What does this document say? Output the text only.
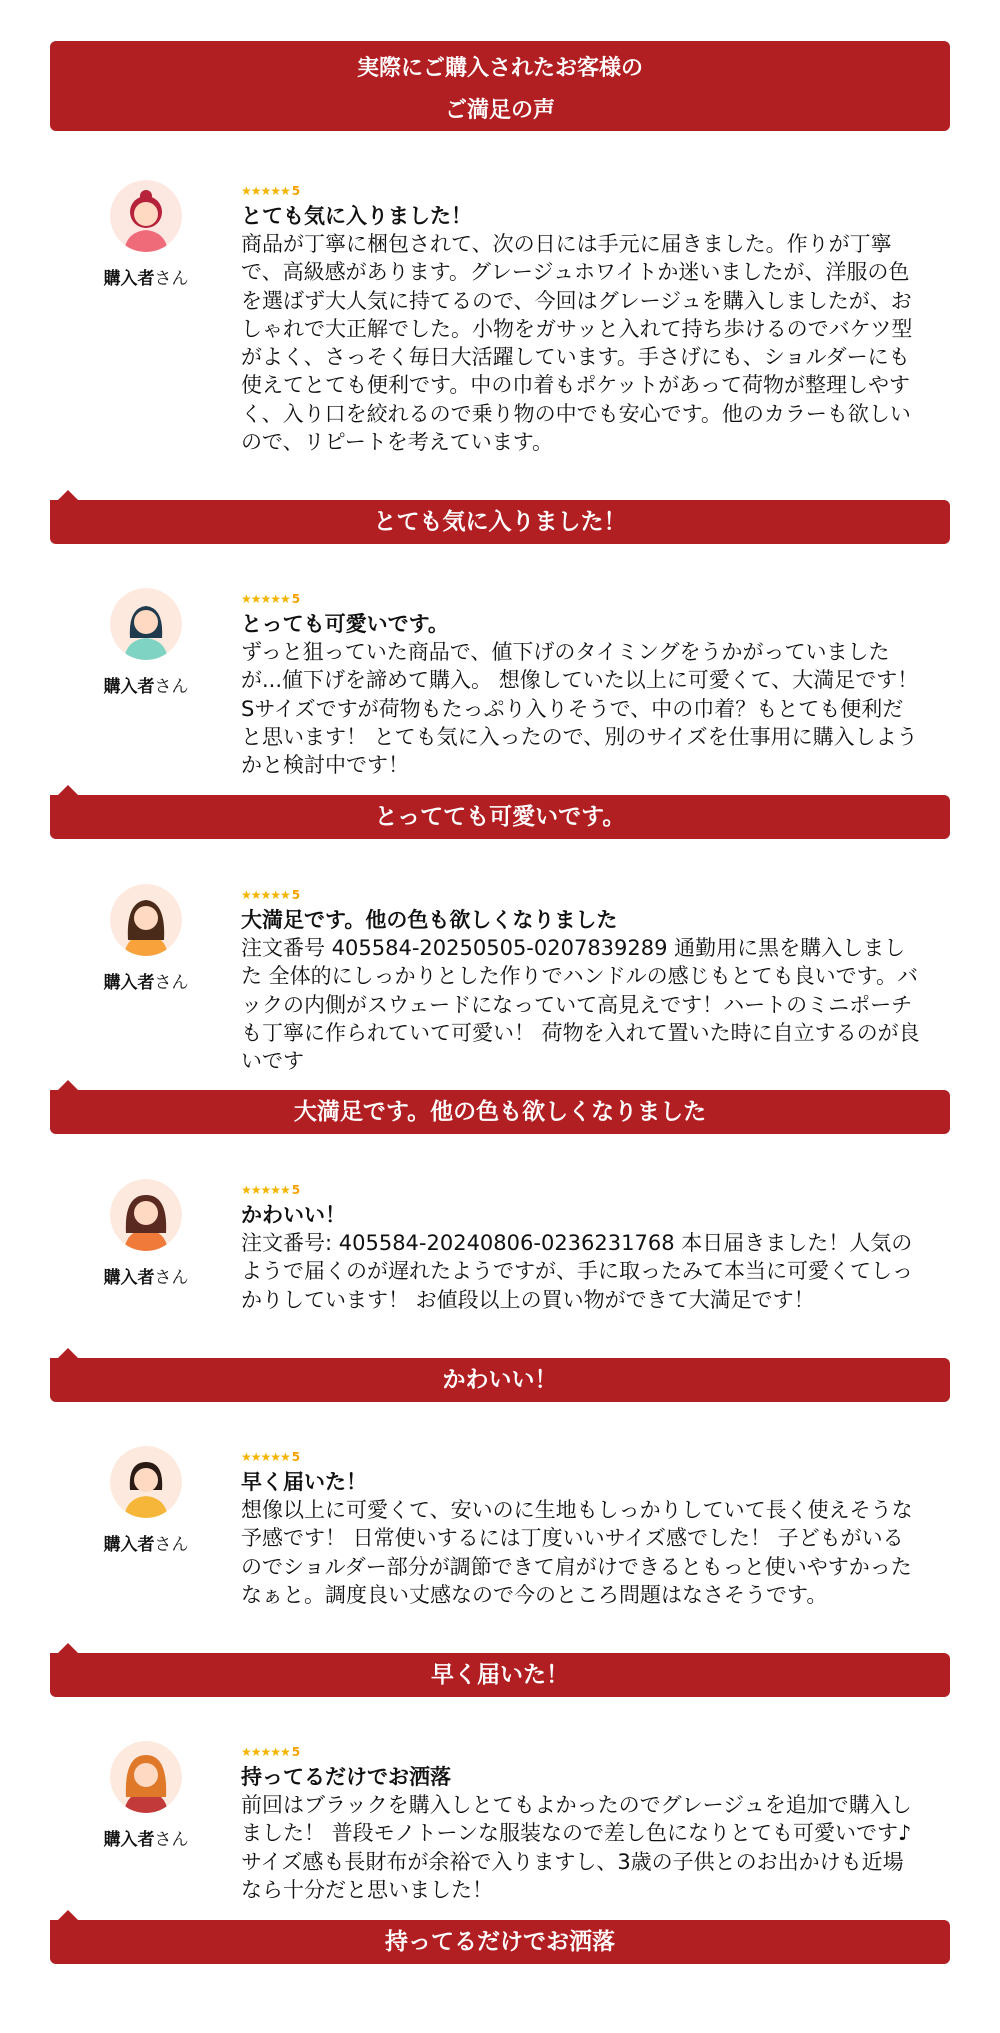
実際にご購入されたお客様の
ご満足の声
購入者さん
★★★★★ 5
とても気に入りました！
商品が丁寧に梱包されて、次の日には手元に届きました。作りが丁寧で、高級感があります。グレージュホワイトか迷いましたが、洋服の色を選ばず大人気に持てるので、今回はグレージュを購入しましたが、おしゃれで大正解でした。小物をガサッと入れて持ち歩けるのでバケツ型がよく、さっそく毎日大活躍しています。手さげにも、ショルダーにも使えてとても便利です。中の巾着もポケットがあって荷物が整理しやすく、入り口を絞れるので乗り物の中でも安心です。他のカラーも欲しいので、リピートを考えています。
とても気に入りました！
購入者さん
★★★★★ 5
とっても可愛いです。
ずっと狙っていた商品で、値下げのタイミングをうかがっていましたが...値下げを諦めて購入。 想像していた以上に可愛くて、大満足です！ Sサイズですが荷物もたっぷり入りそうで、中の巾着？もとても便利だと思います！ とても気に入ったので、別のサイズを仕事用に購入しようかと検討中です！
とってても可愛いです。
購入者さん
★★★★★ 5
大満足です。他の色も欲しくなりました
注文番号 405584-20250505-0207839289 通勤用に黒を購入しました 全体的にしっかりとした作りでハンドルの感じもとても良いです。バックの内側がスウェードになっていて高見えです！ハートのミニポーチも丁寧に作られていて可愛い！ 荷物を入れて置いた時に自立するのが良いです
大満足です。他の色も欲しくなりました
購入者さん
★★★★★ 5
かわいい！
注文番号: 405584-20240806-0236231768 本日届きました！人気のようで届くのが遅れたようですが、手に取ったみて本当に可愛くてしっかりしています！ お値段以上の買い物ができて大満足です！
かわいい！
購入者さん
★★★★★ 5
早く届いた！
想像以上に可愛くて、安いのに生地もしっかりしていて長く使えそうな予感です！ 日常使いするには丁度いいサイズ感でした！ 子どもがいるのでショルダー部分が調節できて肩がけできるともっと使いやすかったなぁと。調度良い丈感なので今のところ問題はなさそうです。
早く届いた！
購入者さん
★★★★★ 5
持ってるだけでお洒落
前回はブラックを購入しとてもよかったのでグレージュを追加で購入しました！ 普段モノトーンな服装なので差し色になりとても可愛いです♪サイズ感も長財布が余裕で入りますし、3歳の子供とのお出かけも近場なら十分だと思いました！
持ってるだけでお洒落
